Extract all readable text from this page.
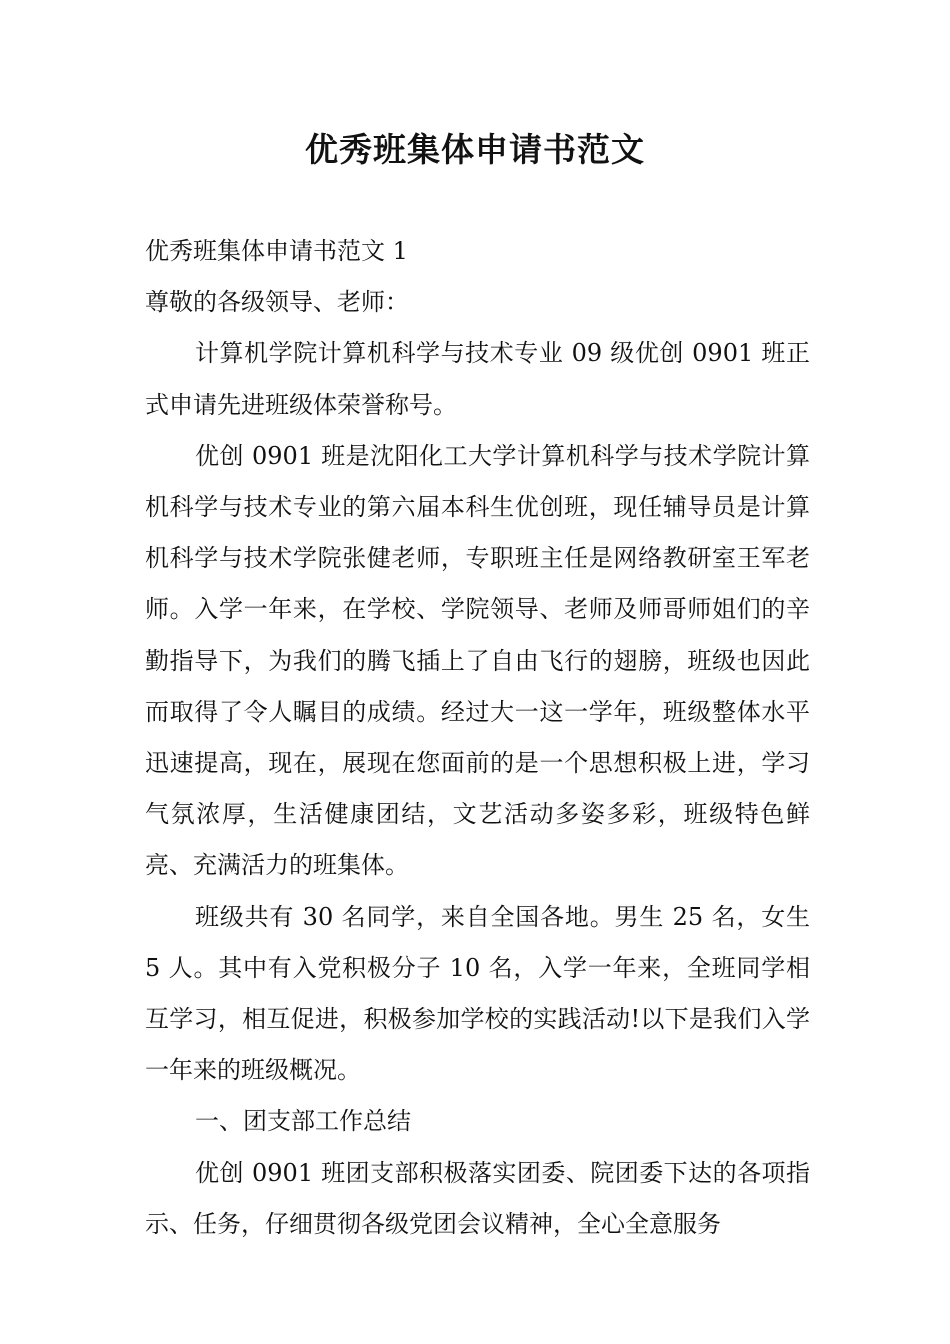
优秀班集体申请书范文

优秀班集体申请书范文 1

尊敬的各级领导、老师：

计算机学院计算机科学与技术专业 09 级优创 0901 班正式申请先进班级体荣誉称号。

优创 0901 班是沈阳化工大学计算机科学与技术学院计算机科学与技术专业的第六届本科生优创班，现任辅导员是计算机科学与技术学院张健老师，专职班主任是网络教研室王军老师。入学一年来，在学校、学院领导、老师及师哥师姐们的辛勤指导下，为我们的腾飞插上了自由飞行的翅膀，班级也因此而取得了令人瞩目的成绩。经过大一这一学年，班级整体水平迅速提高，现在，展现在您面前的是一个思想积极上进，学习气氛浓厚，生活健康团结，文艺活动多姿多彩，班级特色鲜亮、充满活力的班集体。

班级共有 30 名同学，来自全国各地。男生 25 名，女生 5 人。其中有入党积极分子 10 名，入学一年来，全班同学相互学习，相互促进，积极参加学校的实践活动!以下是我们入学一年来的班级概况。

一、团支部工作总结

优创 0901 班团支部积极落实团委、院团委下达的各项指示、任务，仔细贯彻各级党团会议精神，全心全意服务
